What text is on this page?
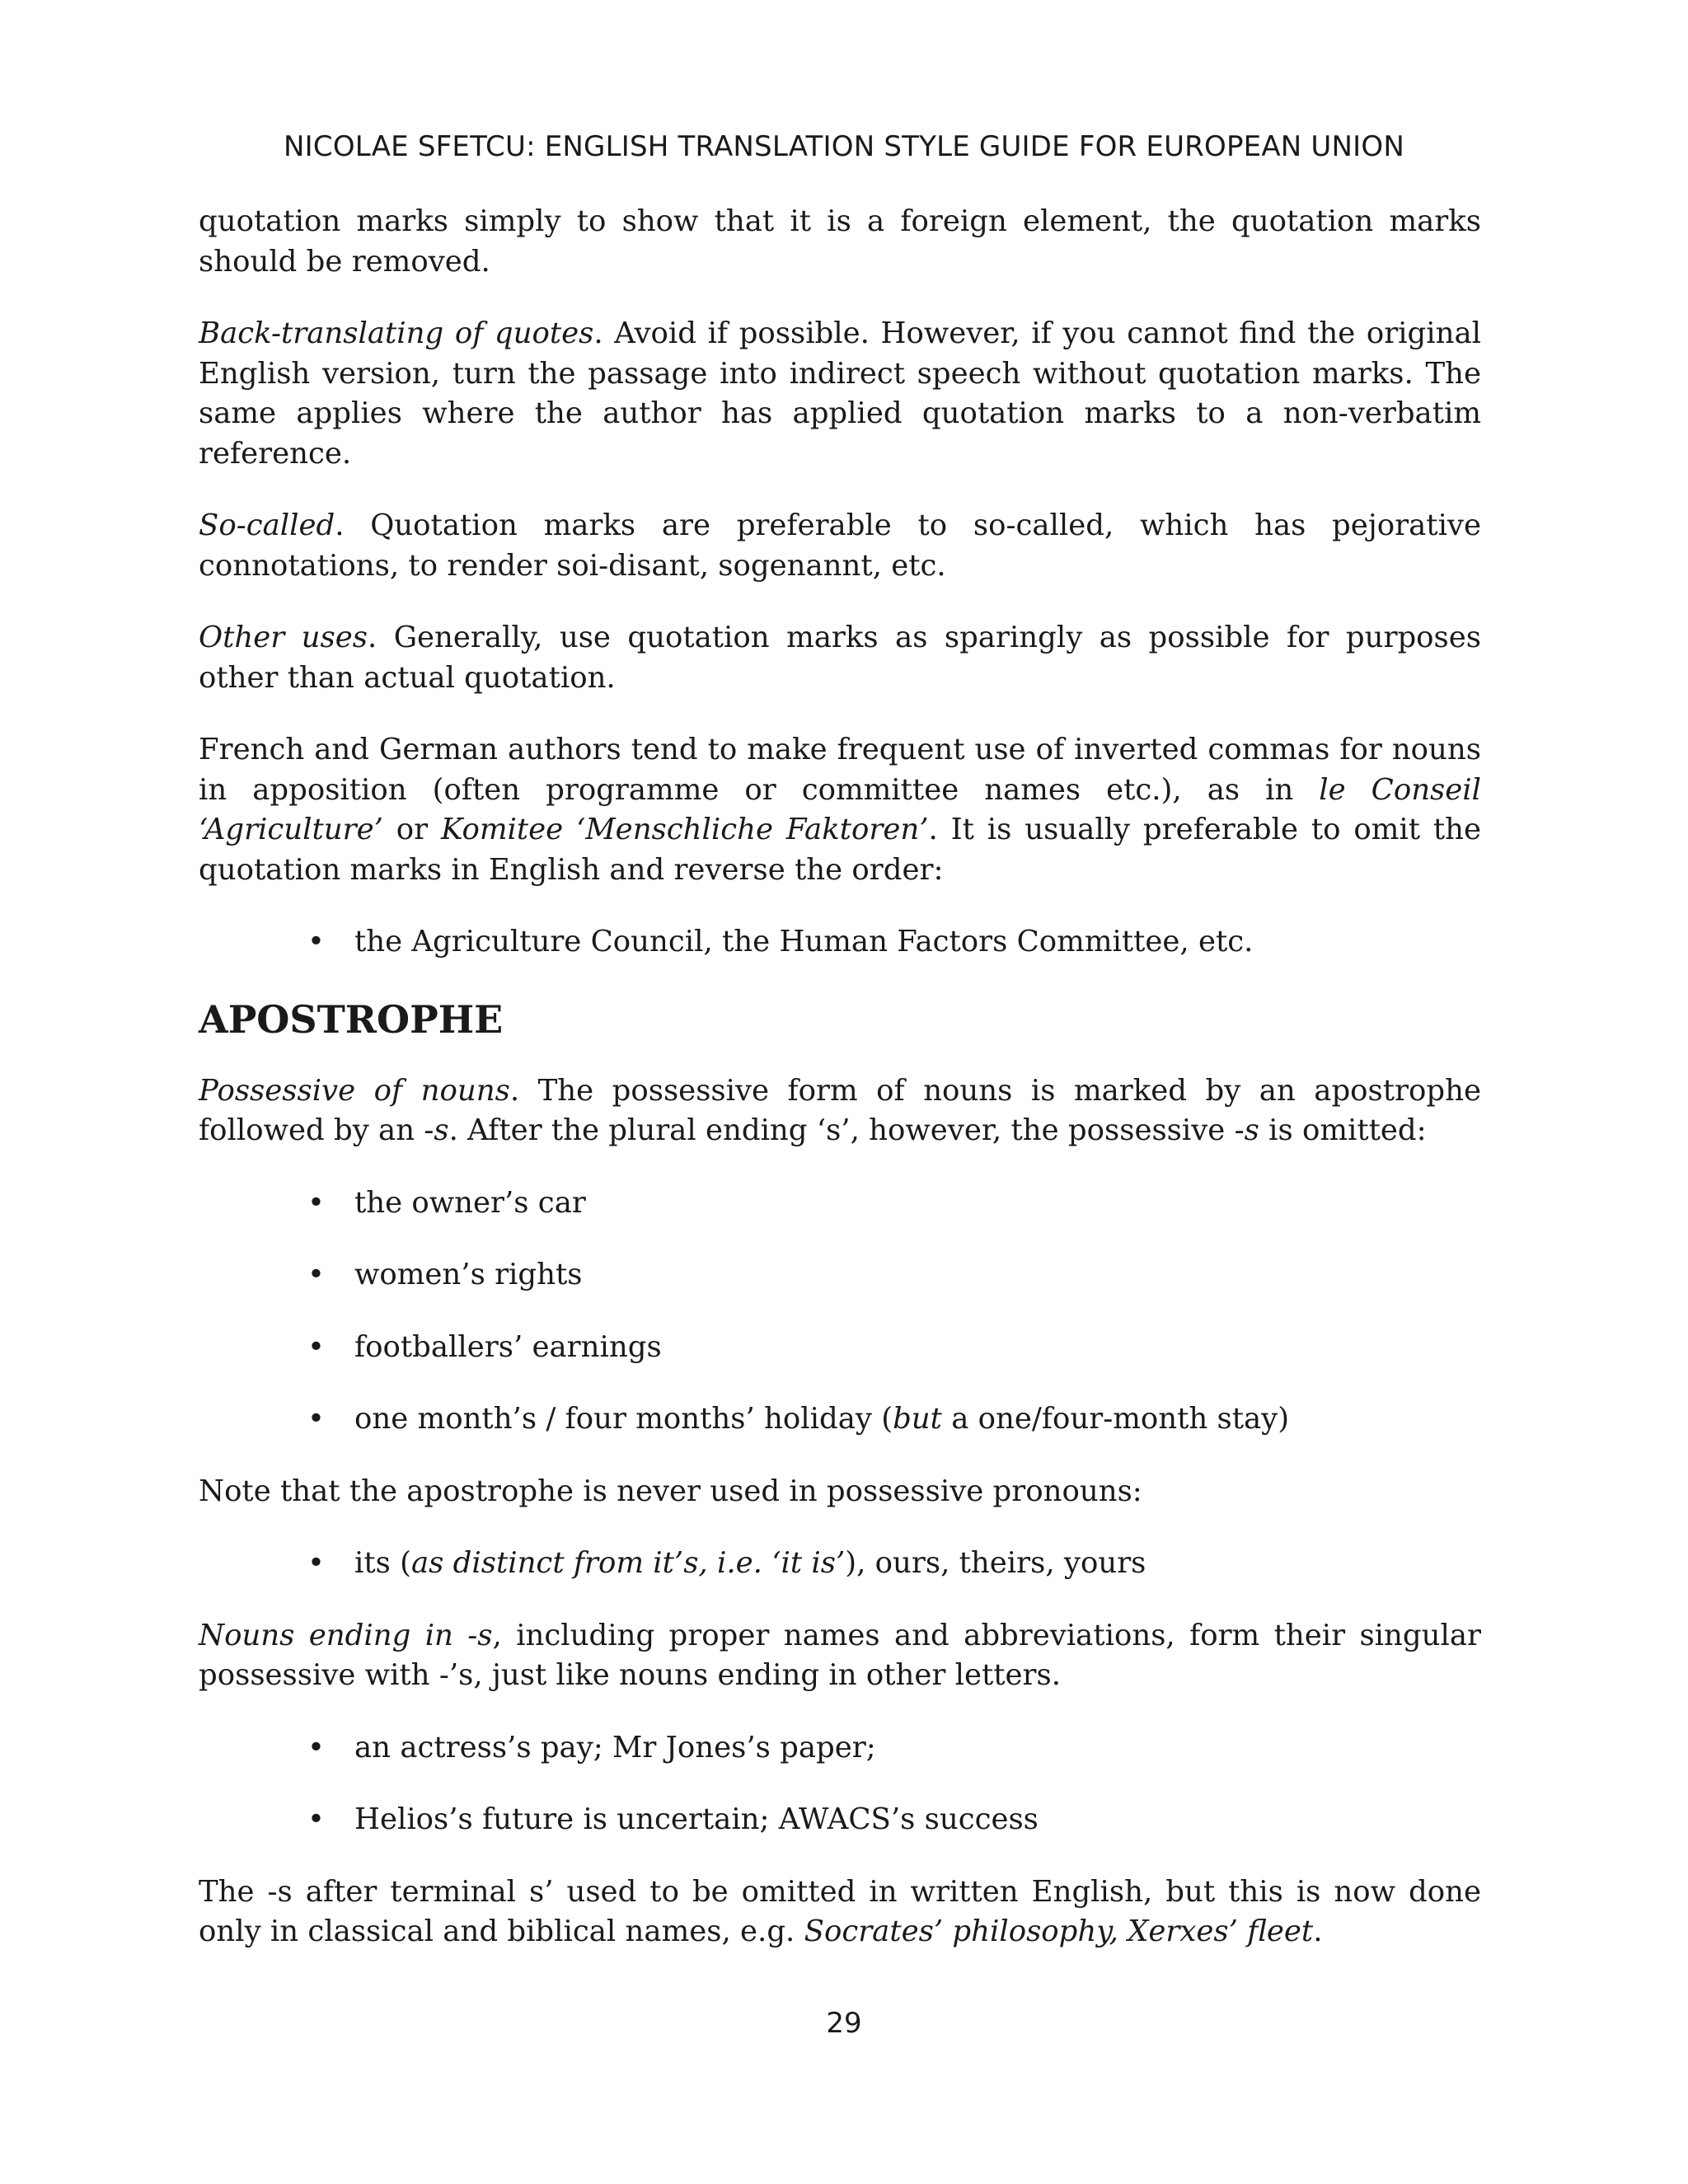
NICOLAE SFETCU: ENGLISH TRANSLATION STYLE GUIDE FOR EUROPEAN UNION

quotation marks simply to show that it is a foreign element, the quotation marks should be removed.

Back-translating of quotes. Avoid if possible. However, if you cannot find the original English version, turn the passage into indirect speech without quotation marks. The same applies where the author has applied quotation marks to a non-verbatim reference.

So-called. Quotation marks are preferable to so-called, which has pejorative connotations, to render soi-disant, sogenannt, etc.

Other uses. Generally, use quotation marks as sparingly as possible for purposes other than actual quotation.

French and German authors tend to make frequent use of inverted commas for nouns in apposition (often programme or committee names etc.), as in le Conseil ‘Agriculture’ or Komitee ‘Menschliche Faktoren’. It is usually preferable to omit the quotation marks in English and reverse the order:

• the Agriculture Council, the Human Factors Committee, etc.
APOSTROPHE

Possessive of nouns. The possessive form of nouns is marked by an apostrophe followed by an -s. After the plural ending ‘s’, however, the possessive -s is omitted:

• the owner’s car
• women’s rights
• footballers’ earnings
• one month’s / four months’ holiday (but a one/four-month stay)

Note that the apostrophe is never used in possessive pronouns:

• its (as distinct from it’s, i.e. ‘it is’), ours, theirs, yours

Nouns ending in -s, including proper names and abbreviations, form their singular possessive with -’s, just like nouns ending in other letters.

• an actress’s pay; Mr Jones’s paper;
• Helios’s future is uncertain; AWACS’s success

The -s after terminal s’ used to be omitted in written English, but this is now done only in classical and biblical names, e.g. Socrates’ philosophy, Xerxes’ fleet.

29
